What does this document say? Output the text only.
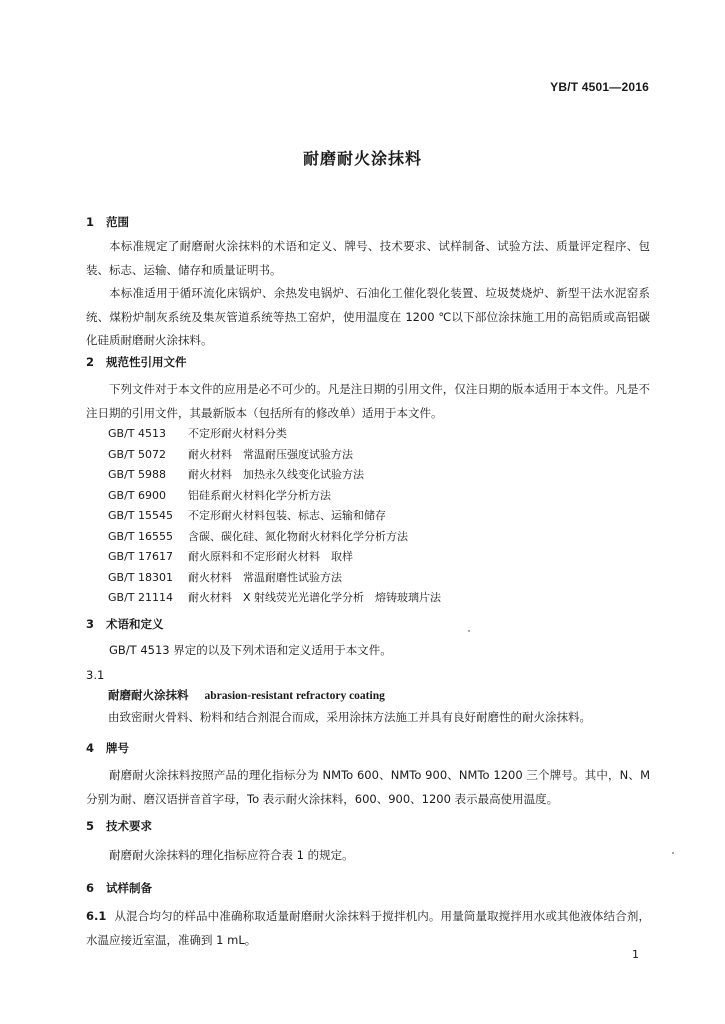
YB/T 4501—2016
耐磨耐火涂抹料
1 范围
本标准规定了耐磨耐火涂抹料的术语和定义、牌号、技术要求、试样制备、试验方法、质量评定程序、包装、标志、运输、储存和质量证明书。
本标准适用于循环流化床锅炉、余热发电锅炉、石油化工催化裂化装置、垃圾焚烧炉、新型干法水泥窑系统、煤粉炉制灰系统及集灰管道系统等热工窑炉，使用温度在 1200 ℃以下部位涂抹施工用的高铝质或高铝碳化硅质耐磨耐火涂抹料。
2 规范性引用文件
下列文件对于本文件的应用是必不可少的。凡是注日期的引用文件，仅注日期的版本适用于本文件。凡是不注日期的引用文件，其最新版本（包括所有的修改单）适用于本文件。
GB/T 4513 不定形耐火材料分类
GB/T 5072 耐火材料　常温耐压强度试验方法
GB/T 5988 耐火材料　加热永久线变化试验方法
GB/T 6900 铝硅系耐火材料化学分析方法
GB/T 15545 不定形耐火材料包装、标志、运输和储存
GB/T 16555 含碳、碳化硅、氮化物耐火材料化学分析方法
GB/T 17617 耐火原料和不定形耐火材料　取样
GB/T 18301 耐火材料　常温耐磨性试验方法
GB/T 21114 耐火材料　X 射线荧光光谱化学分析　熔铸玻璃片法
3 术语和定义
GB/T 4513 界定的以及下列术语和定义适用于本文件。
3.1
耐磨耐火涂抹料 abrasion-resistant refractory coating
由致密耐火骨料、粉料和结合剂混合而成，采用涂抹方法施工并具有良好耐磨性的耐火涂抹料。
4 牌号
耐磨耐火涂抹料按照产品的理化指标分为 NMTo 600、NMTo 900、NMTo 1200 三个牌号。其中，N、M 分别为耐、磨汉语拼音首字母，To 表示耐火涂抹料，600、900、1200 表示最高使用温度。
5 技术要求
耐磨耐火涂抹料的理化指标应符合表 1 的规定。
6 试样制备
6.1 从混合均匀的样品中准确称取适量耐磨耐火涂抹料于搅拌机内。用量筒量取搅拌用水或其他液体结合剂，水温应接近室温，准确到 1 mL。
1
